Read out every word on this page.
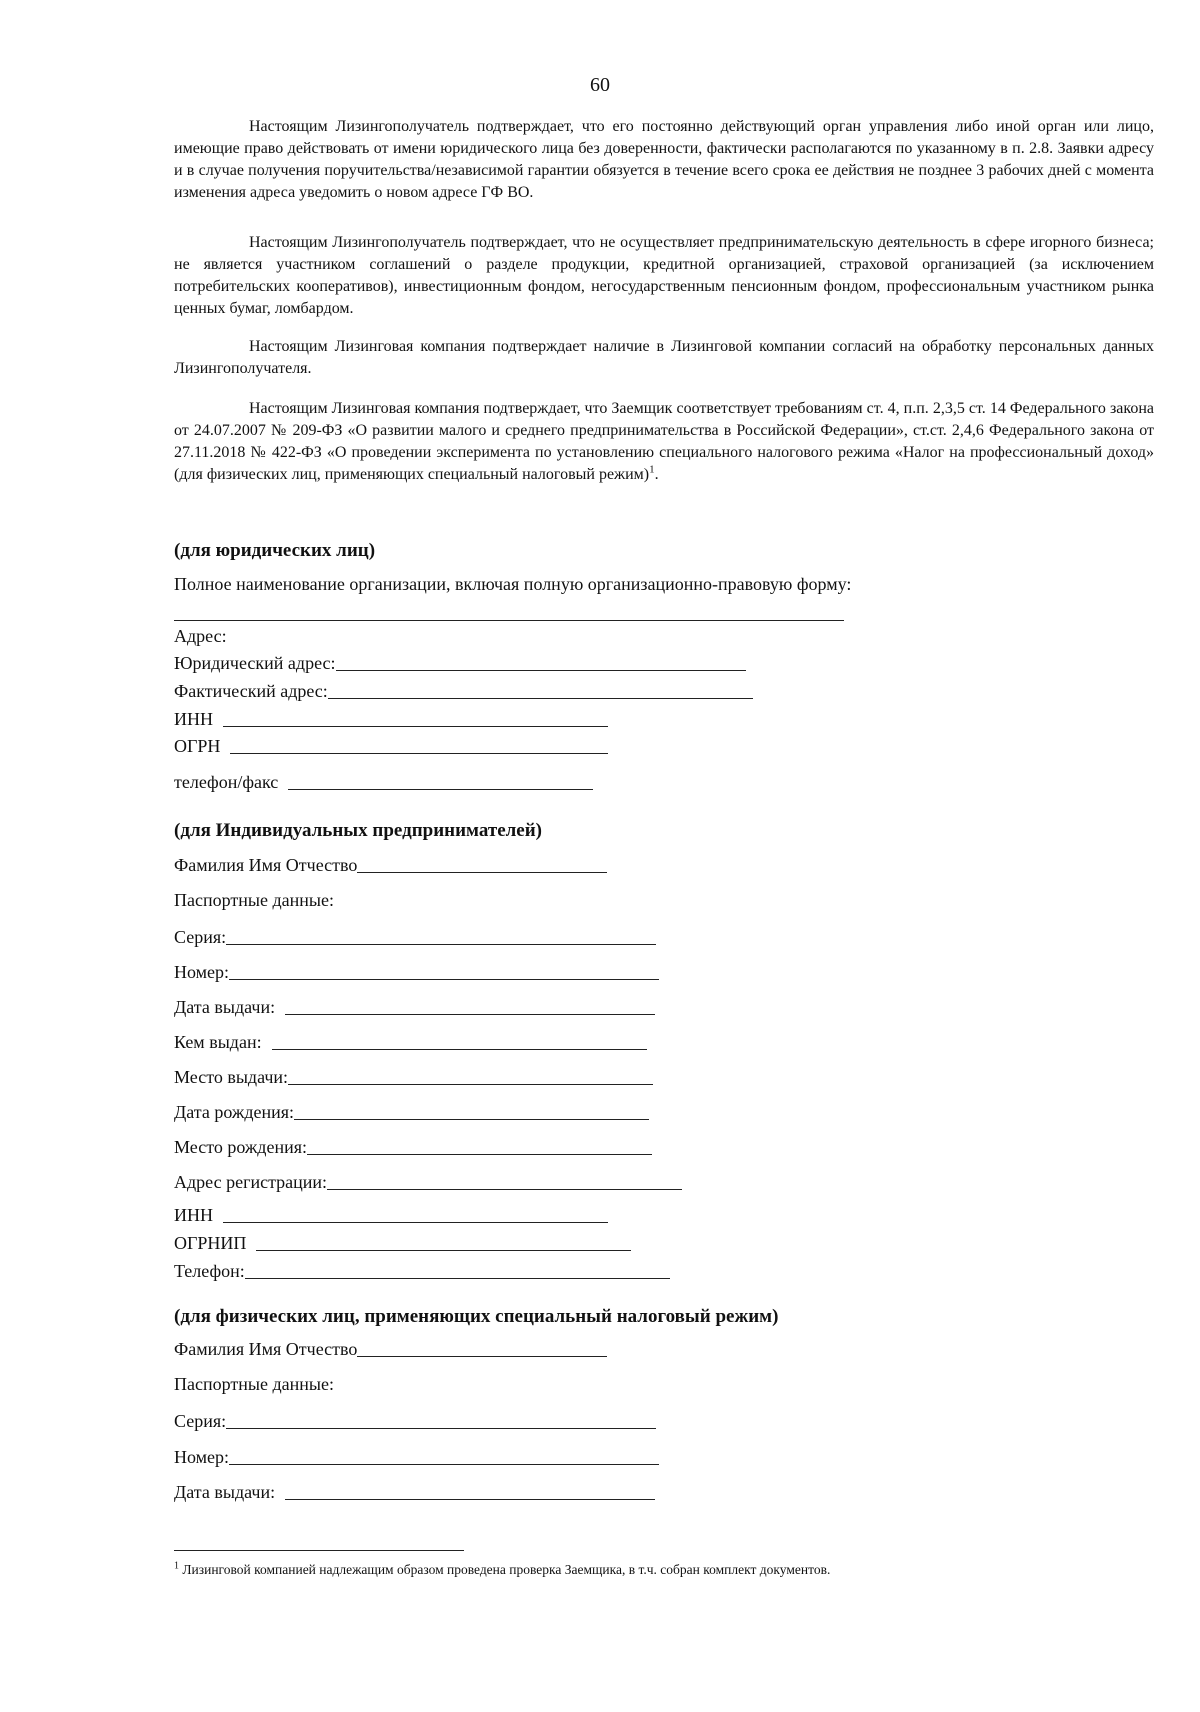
60

Настоящим Лизингополучатель подтверждает, что его постоянно действующий орган управления либо иной орган или лицо, имеющие право действовать от имени юридического лица без доверенности, фактически располагаются по указанному в п. 2.8. Заявки адресу и в случае получения поручительства/независимой гарантии обязуется в течение всего срока ее действия не позднее 3 рабочих дней с момента изменения адреса уведомить о новом адресе ГФ ВО.

Настоящим Лизингополучатель подтверждает, что не осуществляет предпринимательскую деятельность в сфере игорного бизнеса; не является участником соглашений о разделе продукции, кредитной организацией, страховой организацией (за исключением потребительских кооперативов), инвестиционным фондом, негосударственным пенсионным фондом, профессиональным участником рынка ценных бумаг, ломбардом.

Настоящим Лизинговая компания подтверждает наличие в Лизинговой компании согласий на обработку персональных данных Лизингополучателя.

Настоящим Лизинговая компания подтверждает, что Заемщик соответствует требованиям ст. 4, п.п. 2,3,5 ст. 14 Федерального закона от 24.07.2007 № 209-ФЗ «О развитии малого и среднего предпринимательства в Российской Федерации», ст.ст. 2,4,6 Федерального закона от 27.11.2018 № 422-ФЗ «О проведении эксперимента по установлению специального налогового режима «Налог на профессиональный доход» (для физических лиц, применяющих специальный налоговый режим)$^1$.

(для юридических лиц)
Полное наименование организации, включая полную организационно-правовую форму:
Адрес:
Юридический адрес:
Фактический адрес:
ИНН
ОГРН
телефон/факс
(для Индивидуальных предпринимателей)
Фамилия Имя Отчество
Паспортные данные:
Серия:
Номер:
Дата выдачи:
Кем выдан:
Место выдачи:
Дата рождения:
Место рождения:
Адрес регистрации:
ИНН
ОГРНИП
Телефон:
(для физических лиц, применяющих специальный налоговый режим)
Фамилия Имя Отчество
Паспортные данные:
Серия:
Номер:
Дата выдачи:
$^1$ Лизинговой компанией надлежащим образом проведена проверка Заемщика, в т.ч. собран комплект документов.
